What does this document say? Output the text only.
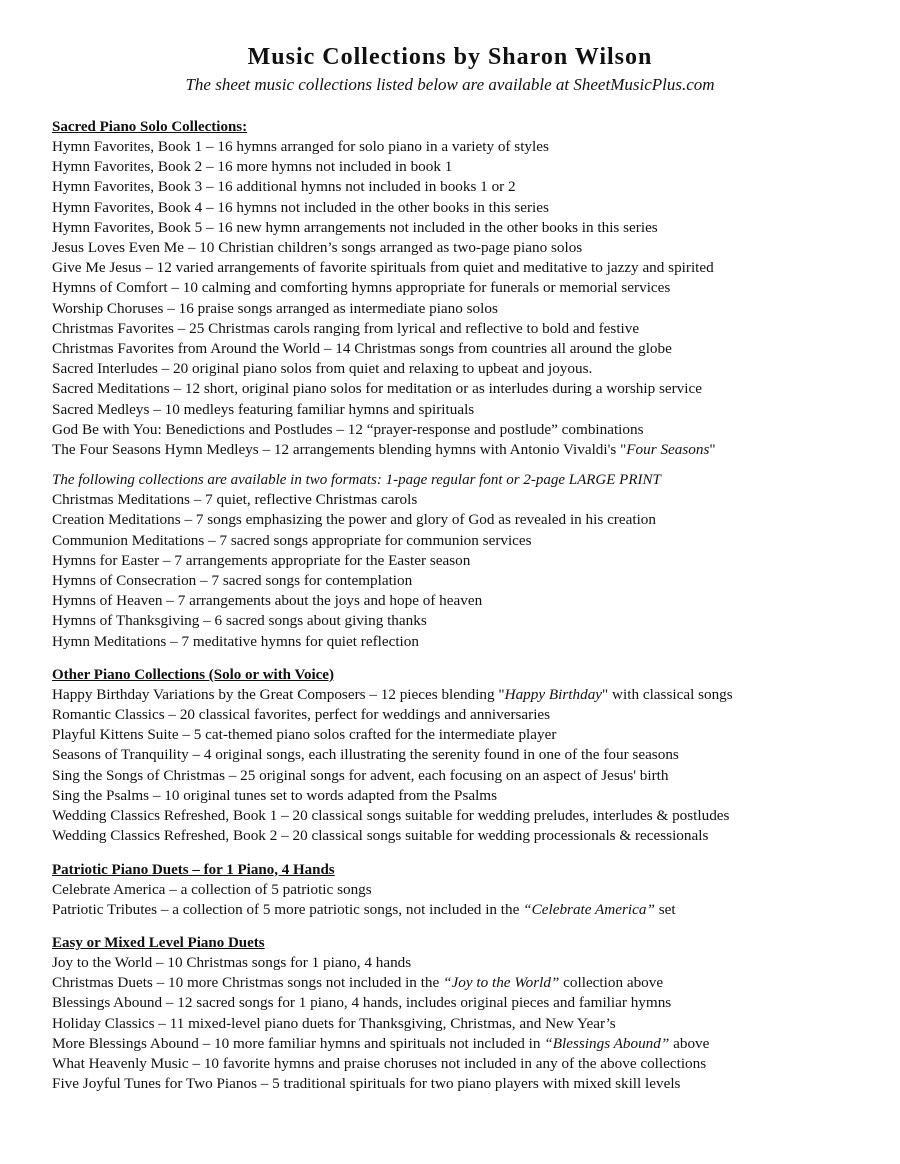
Music Collections by Sharon Wilson
The sheet music collections listed below are available at SheetMusicPlus.com
Sacred Piano Solo Collections:
Hymn Favorites, Book 1 – 16 hymns arranged for solo piano in a variety of styles
Hymn Favorites, Book 2 – 16 more hymns not included in book 1
Hymn Favorites, Book 3 – 16 additional hymns not included in books 1 or 2
Hymn Favorites, Book 4 – 16 hymns not included in the other books in this series
Hymn Favorites, Book 5 – 16 new hymn arrangements not included in the other books in this series
Jesus Loves Even Me – 10 Christian children’s songs arranged as two-page piano solos
Give Me Jesus – 12 varied arrangements of favorite spirituals from quiet and meditative to jazzy and spirited
Hymns of Comfort – 10 calming and comforting hymns appropriate for funerals or memorial services
Worship Choruses – 16 praise songs arranged as intermediate piano solos
Christmas Favorites – 25 Christmas carols ranging from lyrical and reflective to bold and festive
Christmas Favorites from Around the World – 14 Christmas songs from countries all around the globe
Sacred Interludes – 20 original piano solos from quiet and relaxing to upbeat and joyous.
Sacred Meditations – 12 short, original piano solos for meditation or as interludes during a worship service
Sacred Medleys – 10 medleys featuring familiar hymns and spirituals
God Be with You: Benedictions and Postludes – 12 “prayer-response and postlude” combinations
The Four Seasons Hymn Medleys – 12 arrangements blending hymns with Antonio Vivaldi's "Four Seasons"
The following collections are available in two formats: 1-page regular font or 2-page LARGE PRINT
Christmas Meditations – 7 quiet, reflective Christmas carols
Creation Meditations – 7 songs emphasizing the power and glory of God as revealed in his creation
Communion Meditations – 7 sacred songs appropriate for communion services
Hymns for Easter – 7 arrangements appropriate for the Easter season
Hymns of Consecration – 7 sacred songs for contemplation
Hymns of Heaven – 7 arrangements about the joys and hope of heaven
Hymns of Thanksgiving – 6 sacred songs about giving thanks
Hymn Meditations – 7 meditative hymns for quiet reflection
Other Piano Collections (Solo or with Voice)
Happy Birthday Variations by the Great Composers – 12 pieces blending "Happy Birthday" with classical songs
Romantic Classics – 20 classical favorites, perfect for weddings and anniversaries
Playful Kittens Suite – 5 cat-themed piano solos crafted for the intermediate player
Seasons of Tranquility – 4 original songs, each illustrating the serenity found in one of the four seasons
Sing the Songs of Christmas – 25 original songs for advent, each focusing on an aspect of Jesus' birth
Sing the Psalms – 10 original tunes set to words adapted from the Psalms
Wedding Classics Refreshed, Book 1 – 20 classical songs suitable for wedding preludes, interludes & postludes
Wedding Classics Refreshed, Book 2 – 20 classical songs suitable for wedding processionals & recessionals
Patriotic Piano Duets – for 1 Piano, 4 Hands
Celebrate America – a collection of 5 patriotic songs
Patriotic Tributes – a collection of 5 more patriotic songs, not included in the “Celebrate America” set
Easy or Mixed Level Piano Duets
Joy to the World – 10 Christmas songs for 1 piano, 4 hands
Christmas Duets – 10 more Christmas songs not included in the “Joy to the World” collection above
Blessings Abound – 12 sacred songs for 1 piano, 4 hands, includes original pieces and familiar hymns
Holiday Classics – 11 mixed-level piano duets for Thanksgiving, Christmas, and New Year’s
More Blessings Abound – 10 more familiar hymns and spirituals not included in “Blessings Abound” above
What Heavenly Music – 10 favorite hymns and praise choruses not included in any of the above collections
Five Joyful Tunes for Two Pianos – 5 traditional spirituals for two piano players with mixed skill levels
